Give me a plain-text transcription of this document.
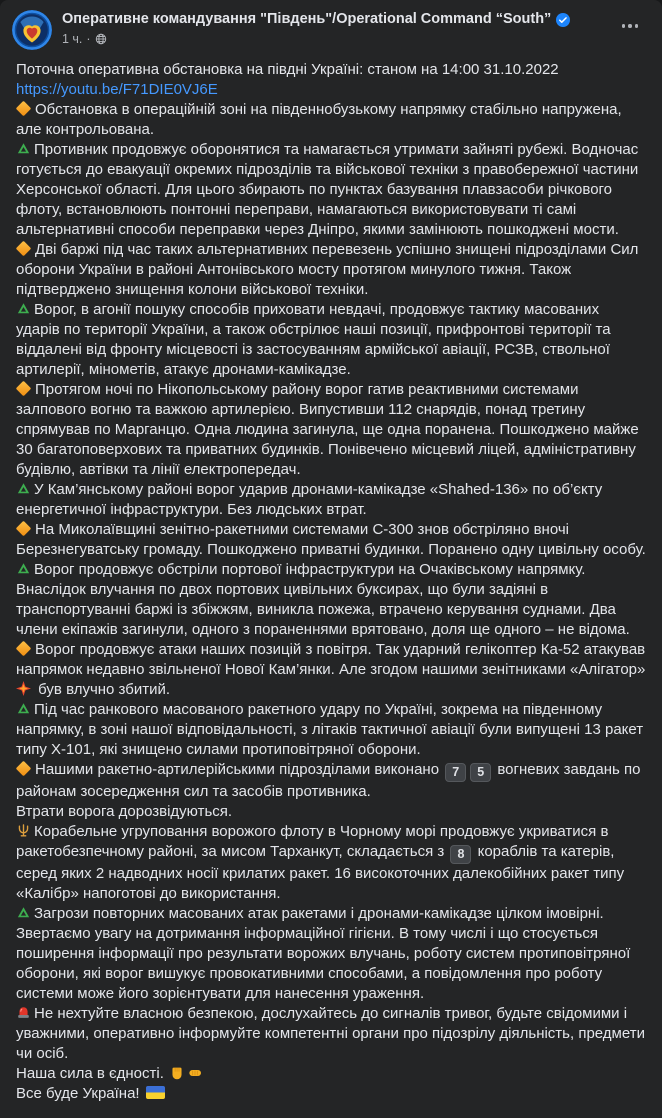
Оперативне командування "Південь"/Operational Command “South”
1 ч. ·
Поточна оперативна обстановка на півдні Україні: станом на 14:00 31.10.2022
https://youtu.be/F71DIE0VJ6E
Обстановка в операційній зоні на південнобузькому напрямку стабільно напружена, але контрольована.
Противник продовжує оборонятися та намагається утримати зайняті рубежі. Водночас готується до евакуації окремих підрозділів та військової техніки з правобережної частини Херсонської області. Для цього збирають по пунктах базування плавзасоби річкового флоту, встановлюють понтонні переправи, намагаються використовувати ті самі альтернативні способи переправки через Дніпро, якими замінюють пошкоджені мости.
Дві баржі під час таких альтернативних перевезень успішно знищені підрозділами Сил оборони України в районі Антонівського мосту протягом минулого тижня. Також підтверджено знищення колони військової техніки.
Ворог, в агонії пошуку способів приховати невдачі, продовжує тактику масованих ударів по території України, а також обстрілює наші позиції, прифронтові території та віддалені від фронту місцевості із застосуванням армійської авіації, РСЗВ, ствольної артилерії, мінометів, атакує дронами-камікадзе.
Протягом ночі по Нікопольському району ворог гатив реактивними системами залпового вогню та важкою артилерією. Випустивши 112 снарядів, понад третину спрямував по Марганцю. Одна людина загинула, ще одна поранена. Пошкоджено майже 30 багатоповерхових та приватних будинків. Понівечено місцевий ліцей, адміністративну будівлю, автівки та лінії електропередач.
У Кам’янському районі ворог ударив дронами-камікадзе «Shahed-136» по об’єкту енергетичної інфраструктури. Без людських втрат.
На Миколаївщині зенітно-ракетними системами С-300 знов обстріляно вночі Березнегуватську громаду. Пошкоджено приватні будинки. Поранено одну цивільну особу.
Ворог продовжує обстріли портової інфраструктури на Очаківському напрямку. Внаслідок влучання по двох портових цивільних буксирах, що були задіяні в транспортуванні баржі із збіжжям, виникла пожежа, втрачено керування суднами. Два члени екіпажів загинули, одного з пораненнями врятовано, доля ще одного – не відома.
Ворог продовжує атаки наших позицій з повітря. Так ударний гелікоптер Ка-52 атакував напрямок недавно звільненої Нової Кам’янки. Але згодом нашими зенітниками «Алігатор»
був влучно збитий.
Під час ранкового масованого ракетного удару по Україні, зокрема на південному напрямку, в зоні нашої відповідальності, з літаків тактичної авіації були випущені 13 ракет типу Х-101, які знищено силами протиповітряної оборони.
Нашими ракетно-артилерійськими підрозділами виконано 7 5 вогневих завдань по районам зосередження сил та засобів противника.
Втрати ворога дорозвідуються.
Корабельне угруповання ворожого флоту в Чорному морі продовжує укриватися в ракетобезпечному районі, за мисом Тарханкут, складається з 8 кораблів та катерів, серед яких 2 надводних носії крилатих ракет. 16 високоточних далекобійних ракет типу «Калібр» напоготові до використання.
Загрози повторних масованих атак ракетами і дронами-камікадзе цілком імовірні.
Звертаємо увагу на дотримання інформаційної гігієни. В тому числі і що стосується поширення інформації про результати ворожих влучань, роботу систем протиповітряної оборони, які ворог вишукує провокативними способами, а повідомлення про роботу системи може його зорієнтувати для нанесення ураження.
Не нехтуйте власною безпекою, дослухайтесь до сигналів тривог, будьте свідомими і уважними, оперативно інформуйте компетентні органи про підозрілу діяльність, предмети чи осіб.
Наша сила в єдності.
Все буде Україна!
